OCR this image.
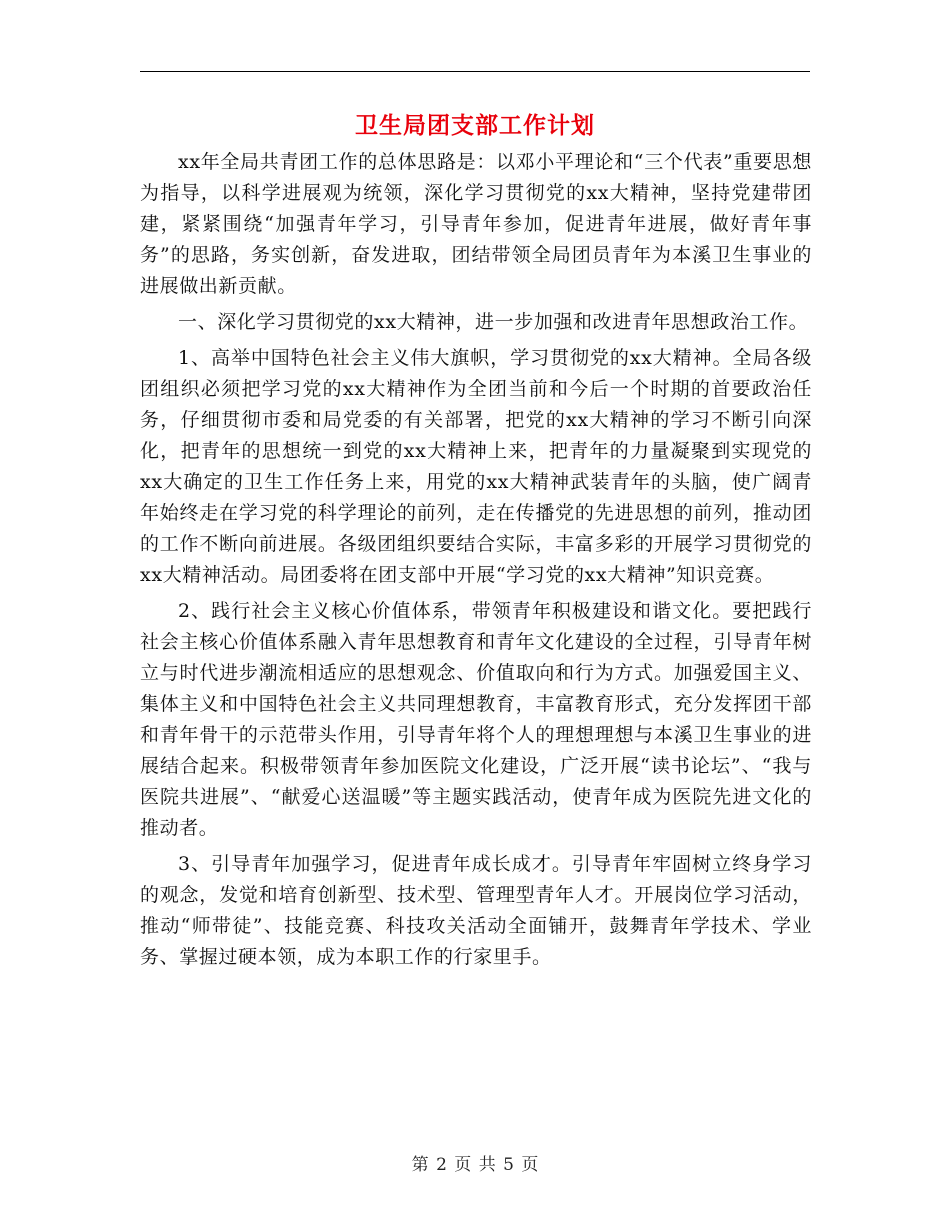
卫生局团支部工作计划

xx年全局共青团工作的总体思路是：以邓小平理论和“三个代表”重要思想为指导，以科学进展观为统领，深化学习贯彻党的xx大精神，坚持党建带团建，紧紧围绕“加强青年学习，引导青年参加，促进青年进展，做好青年事务”的思路，务实创新，奋发进取，团结带领全局团员青年为本溪卫生事业的进展做出新贡献。

一、深化学习贯彻党的xx大精神，进一步加强和改进青年思想政治工作。

1、高举中国特色社会主义伟大旗帜，学习贯彻党的xx大精神。全局各级团组织必须把学习党的xx大精神作为全团当前和今后一个时期的首要政治任务，仔细贯彻市委和局党委的有关部署，把党的xx大精神的学习不断引向深化，把青年的思想统一到党的xx大精神上来，把青年的力量凝聚到实现党的xx大确定的卫生工作任务上来，用党的xx大精神武装青年的头脑，使广阔青年始终走在学习党的科学理论的前列，走在传播党的先进思想的前列，推动团的工作不断向前进展。各级团组织要结合实际，丰富多彩的开展学习贯彻党的xx大精神活动。局团委将在团支部中开展“学习党的xx大精神”知识竞赛。

2、践行社会主义核心价值体系，带领青年积极建设和谐文化。要把践行社会主核心价值体系融入青年思想教育和青年文化建设的全过程，引导青年树立与时代进步潮流相适应的思想观念、价值取向和行为方式。加强爱国主义、集体主义和中国特色社会主义共同理想教育，丰富教育形式，充分发挥团干部和青年骨干的示范带头作用，引导青年将个人的理想理想与本溪卫生事业的进展结合起来。积极带领青年参加医院文化建设，广泛开展“读书论坛”、“我与医院共进展”、“献爱心送温暖”等主题实践活动，使青年成为医院先进文化的推动者。

3、引导青年加强学习，促进青年成长成才。引导青年牢固树立终身学习的观念，发觉和培育创新型、技术型、管理型青年人才。开展岗位学习活动，推动“师带徒”、技能竞赛、科技攻关活动全面铺开，鼓舞青年学技术、学业务、掌握过硬本领，成为本职工作的行家里手。

第 2 页 共 5 页
